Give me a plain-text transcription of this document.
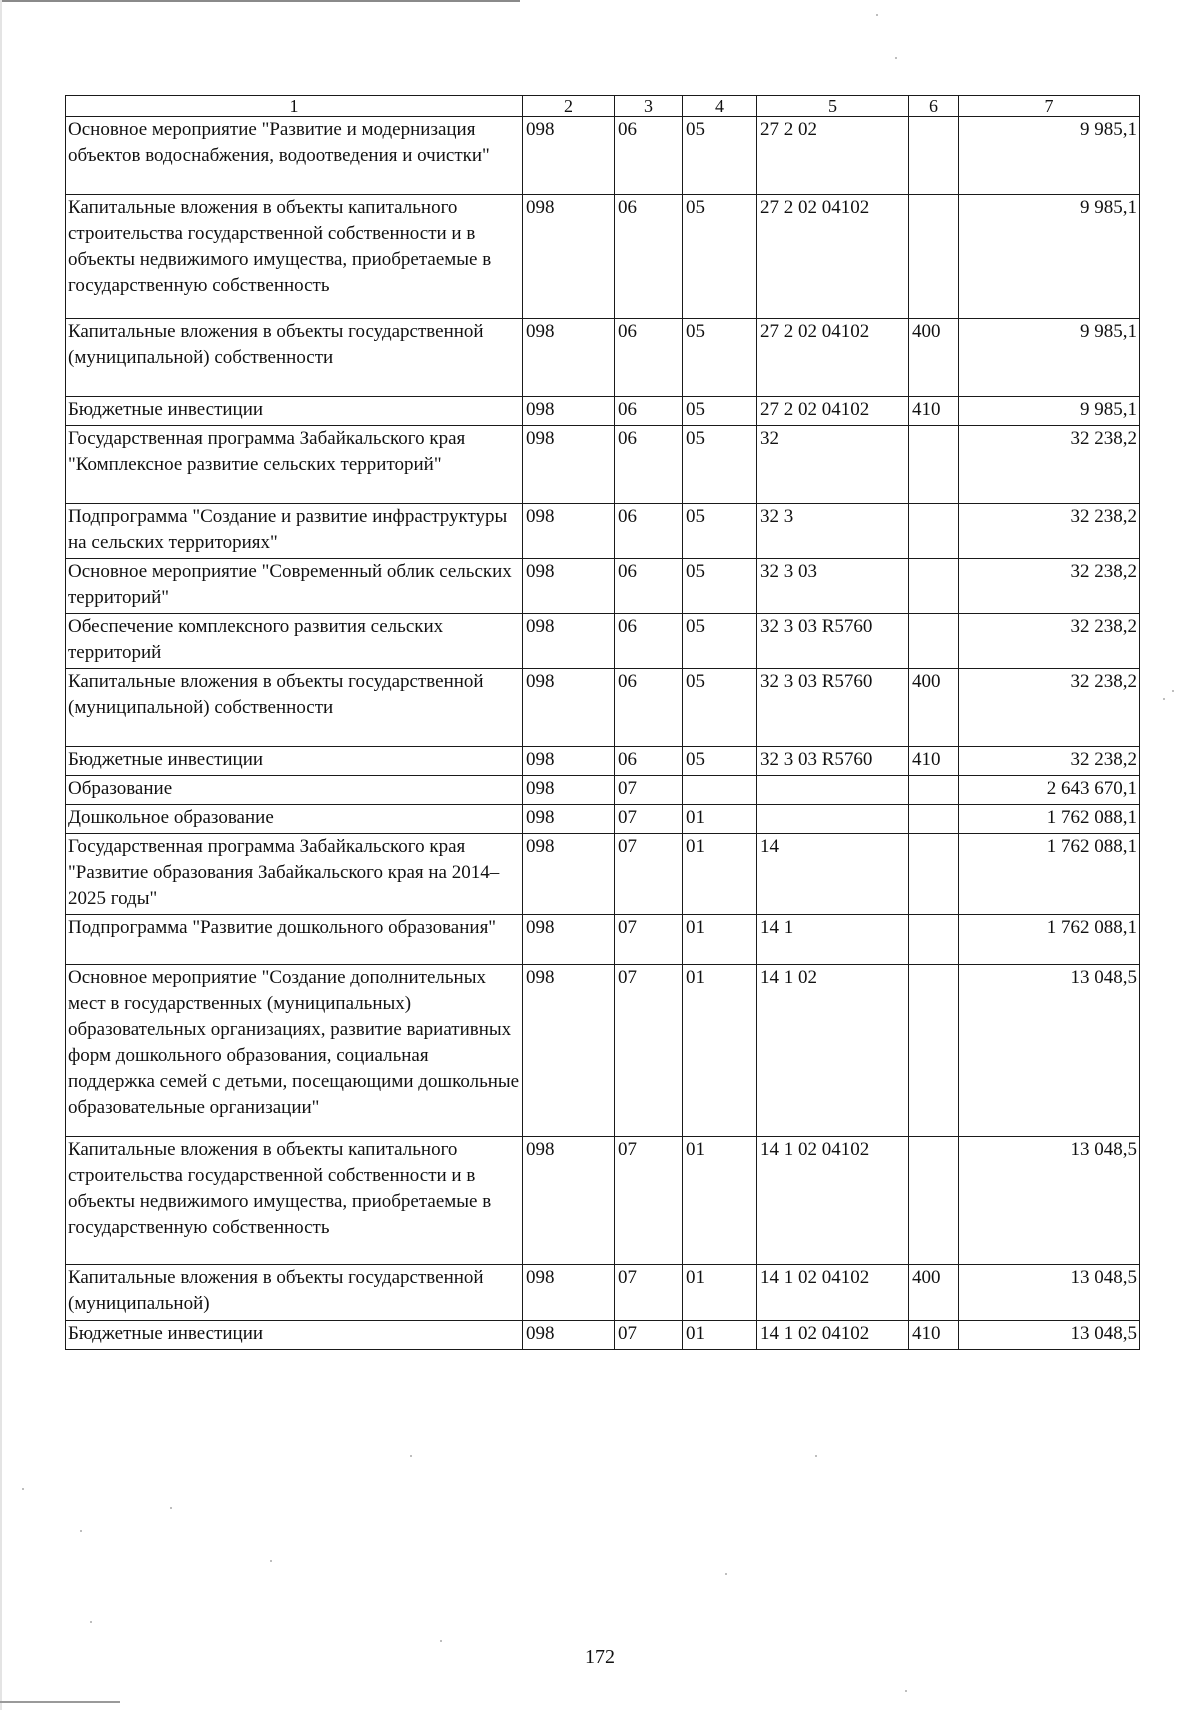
1	2	3	4	5	6	7
Основное мероприятие "Развитие и модернизация объектов водоснабжения, водоотведения и очистки"	098	06	05	27 2 02		9 985,1
Капитальные вложения в объекты капитального строительства государственной собственности и в объекты недвижимого имущества, приобретаемые в государственную собственность	098	06	05	27 2 02 04102		9 985,1
Капитальные вложения в объекты государственной (муниципальной) собственности	098	06	05	27 2 02 04102	400	9 985,1
Бюджетные инвестиции	098	06	05	27 2 02 04102	410	9 985,1
Государственная программа Забайкальского края "Комплексное развитие сельских территорий"	098	06	05	32		32 238,2
Подпрограмма "Создание и развитие инфраструктуры на сельских территориях"	098	06	05	32 3		32 238,2
Основное мероприятие "Современный облик сельских территорий"	098	06	05	32 3 03		32 238,2
Обеспечение комплексного развития сельских территорий	098	06	05	32 3 03 R5760		32 238,2
Капитальные вложения в объекты государственной (муниципальной) собственности	098	06	05	32 3 03 R5760	400	32 238,2
Бюджетные инвестиции	098	06	05	32 3 03 R5760	410	32 238,2
Образование	098	07				2 643 670,1
Дошкольное образование	098	07	01			1 762 088,1
Государственная программа Забайкальского края "Развитие образования Забайкальского края на 2014–2025 годы"	098	07	01	14		1 762 088,1
Подпрограмма "Развитие дошкольного образования"	098	07	01	14 1		1 762 088,1
Основное мероприятие "Создание дополнительных мест в государственных (муниципальных) образовательных организациях, развитие вариативных форм дошкольного образования, социальная поддержка семей с детьми, посещающими дошкольные образовательные организации"	098	07	01	14 1 02		13 048,5
Капитальные вложения в объекты капитального строительства государственной собственности и в объекты недвижимого имущества, приобретаемые в государственную собственность	098	07	01	14 1 02 04102		13 048,5
Капитальные вложения в объекты государственной (муниципальной)	098	07	01	14 1 02 04102	400	13 048,5
Бюджетные инвестиции	098	07	01	14 1 02 04102	410	13 048,5
172
